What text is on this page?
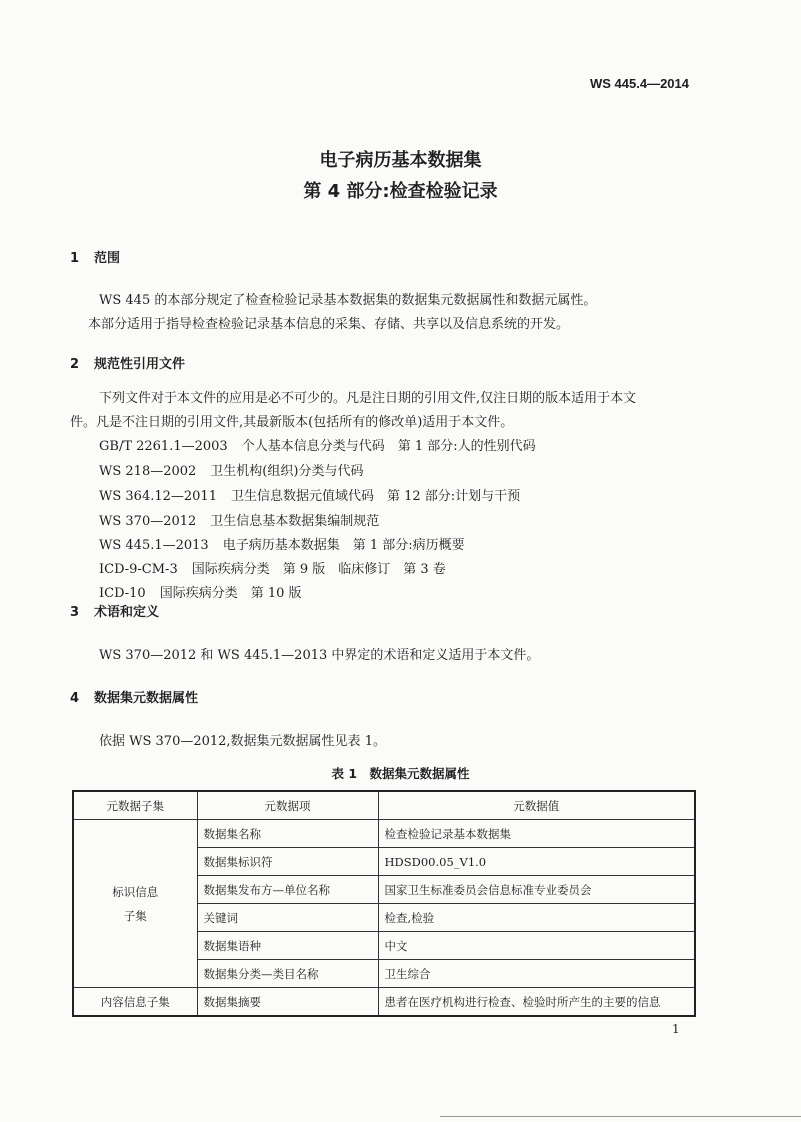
WS 445.4—2014
电子病历基本数据集
第 4 部分:检查检验记录
1 范围
WS 445 的本部分规定了检查检验记录基本数据集的数据集元数据属性和数据元属性。
本部分适用于指导检查检验记录基本信息的采集、存储、共享以及信息系统的开发。
2 规范性引用文件
下列文件对于本文件的应用是必不可少的。凡是注日期的引用文件,仅注日期的版本适用于本文
件。凡是不注日期的引用文件,其最新版本(包括所有的修改单)适用于本文件。
GB/T 2261.1—2003 个人基本信息分类与代码　第 1 部分:人的性别代码
WS 218—2002 卫生机构(组织)分类与代码
WS 364.12—2011 卫生信息数据元值域代码　第 12 部分:计划与干预
WS 370—2012 卫生信息基本数据集编制规范
WS 445.1—2013 电子病历基本数据集　第 1 部分:病历概要
ICD-9-CM-3 国际疾病分类　第 9 版　临床修订　第 3 卷
ICD-10 国际疾病分类　第 10 版
3 术语和定义
WS 370—2012 和 WS 445.1—2013 中界定的术语和定义适用于本文件。
4 数据集元数据属性
依据 WS 370—2012,数据集元数据属性见表 1。
表 1　数据集元数据属性
元数据子集	元数据项	元数据值
标识信息
子集	数据集名称	检查检验记录基本数据集
	数据集标识符	HDSD00.05_V1.0
	数据集发布方—单位名称	国家卫生标准委员会信息标准专业委员会
	关键词	检查,检验
	数据集语种	中文
	数据集分类—类目名称	卫生综合
内容信息子集	数据集摘要	患者在医疗机构进行检查、检验时所产生的主要的信息
1
